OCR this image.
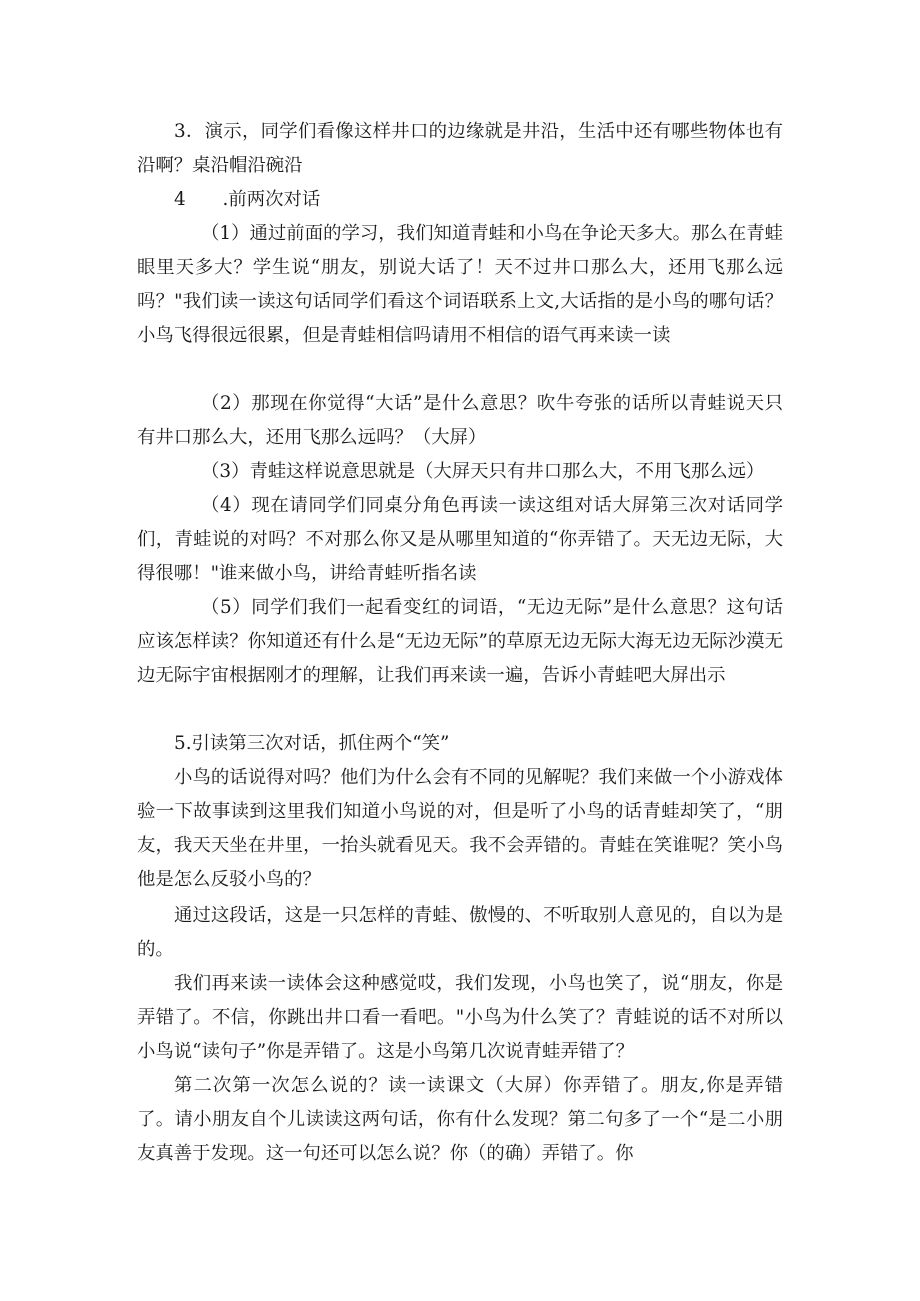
3．演示，同学们看像这样井口的边缘就是井沿，生活中还有哪些物体也有沿啊？桌沿帽沿碗沿

4　　.前两次对话

（1）通过前面的学习，我们知道青蛙和小鸟在争论天多大。那么在青蛙眼里天多大？学生说“朋友，别说大话了！天不过井口那么大，还用飞那么远吗？"我们读一读这句话同学们看这个词语联系上文,大话指的是小鸟的哪句话？小鸟飞得很远很累，但是青蛙相信吗请用不相信的语气再来读一读

（2）那现在你觉得“大话”是什么意思？吹牛夸张的话所以青蛙说天只有井口那么大，还用飞那么远吗？（大屏）

（3）青蛙这样说意思就是（大屏天只有井口那么大，不用飞那么远）

（4）现在请同学们同桌分角色再读一读这组对话大屏第三次对话同学们，青蛙说的对吗？不对那么你又是从哪里知道的“你弄错了。天无边无际，大得很哪！"谁来做小鸟，讲给青蛙听指名读

（5）同学们我们一起看变红的词语，“无边无际”是什么意思？这句话应该怎样读？你知道还有什么是“无边无际”的草原无边无际大海无边无际沙漠无边无际宇宙根据刚才的理解，让我们再来读一遍，告诉小青蛙吧大屏出示

5.引读第三次对话，抓住两个“笑”

小鸟的话说得对吗？他们为什么会有不同的见解呢？我们来做一个小游戏体验一下故事读到这里我们知道小鸟说的对，但是听了小鸟的话青蛙却笑了，“朋友，我天天坐在井里，一抬头就看见天。我不会弄错的。青蛙在笑谁呢？笑小鸟他是怎么反驳小鸟的？

通过这段话，这是一只怎样的青蛙、傲慢的、不听取别人意见的，自以为是的。

我们再来读一读体会这种感觉哎，我们发现，小鸟也笑了，说“朋友，你是弄错了。不信，你跳出井口看一看吧。"小鸟为什么笑了？青蛙说的话不对所以小鸟说“读句子”你是弄错了。这是小鸟第几次说青蛙弄错了？

第二次第一次怎么说的？读一读课文（大屏）你弄错了。朋友,你是弄错了。请小朋友自个儿读读这两句话，你有什么发现？第二句多了一个“是二小朋友真善于发现。这一句还可以怎么说？你（的确）弄错了。你
